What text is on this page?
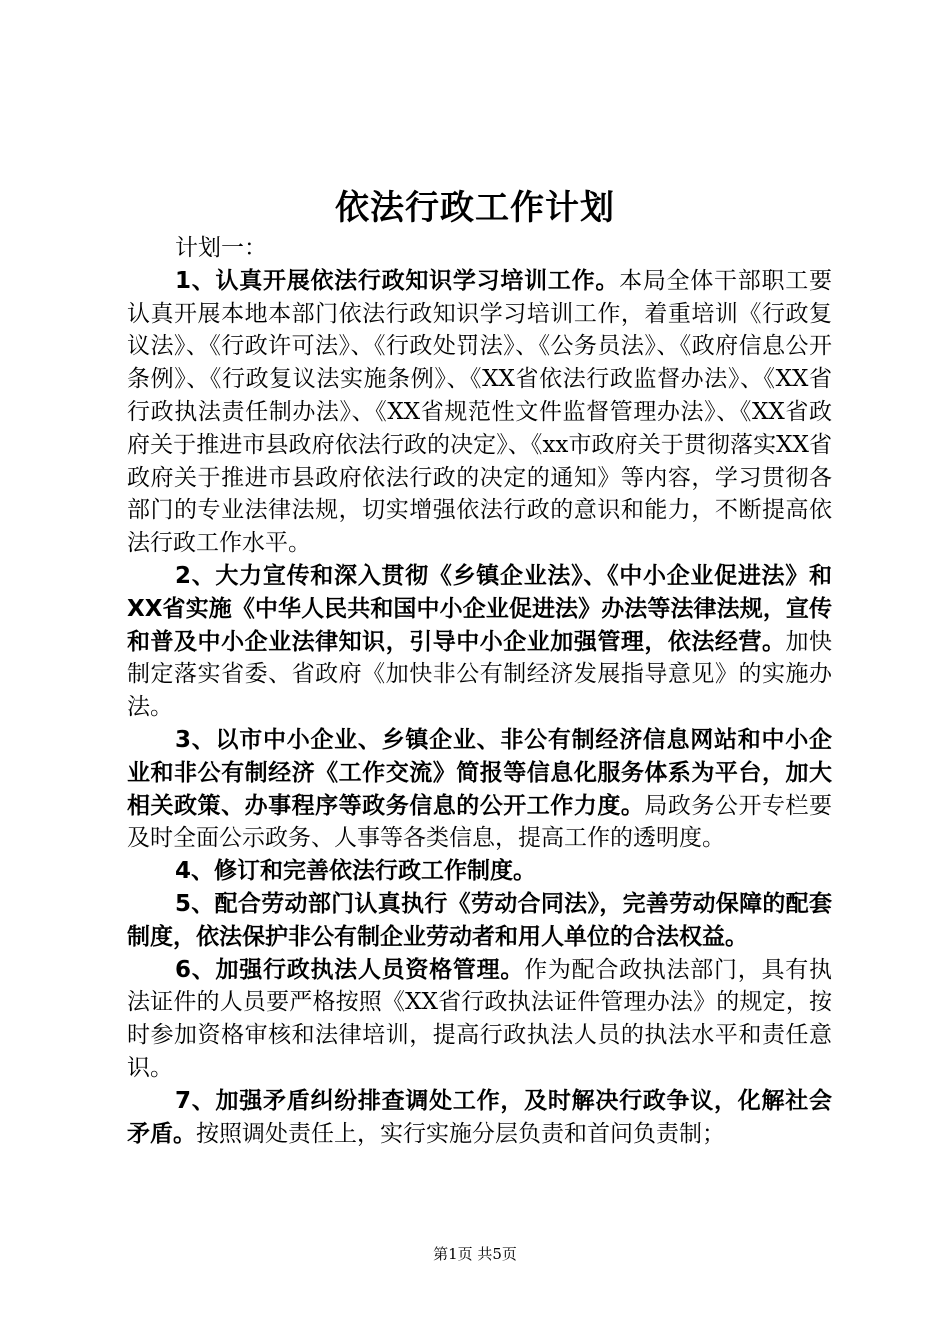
依法行政工作计划

计划一：

1、认真开展依法行政知识学习培训工作。本局全体干部职工要认真开展本地本部门依法行政知识学习培训工作，着重培训《行政复议法》、《行政许可法》、《行政处罚法》、《公务员法》、《政府信息公开条例》、《行政复议法实施条例》、《XX省依法行政监督办法》、《XX省行政执法责任制办法》、《XX省规范性文件监督管理办法》、《XX省政府关于推进市县政府依法行政的决定》、《xx市政府关于贯彻落实XX省政府关于推进市县政府依法行政的决定的通知》等内容，学习贯彻各部门的专业法律法规，切实增强依法行政的意识和能力，不断提高依法行政工作水平。

2、大力宣传和深入贯彻《乡镇企业法》、《中小企业促进法》和XX省实施《中华人民共和国中小企业促进法》办法等法律法规，宣传和普及中小企业法律知识，引导中小企业加强管理，依法经营。加快制定落实省委、省政府《加快非公有制经济发展指导意见》的实施办法。

3、以市中小企业、乡镇企业、非公有制经济信息网站和中小企业和非公有制经济《工作交流》简报等信息化服务体系为平台，加大相关政策、办事程序等政务信息的公开工作力度。局政务公开专栏要及时全面公示政务、人事等各类信息，提高工作的透明度。

4、修订和完善依法行政工作制度。

5、配合劳动部门认真执行《劳动合同法》，完善劳动保障的配套制度，依法保护非公有制企业劳动者和用人单位的合法权益。

6、加强行政执法人员资格管理。作为配合政执法部门，具有执法证件的人员要严格按照《XX省行政执法证件管理办法》的规定，按时参加资格审核和法律培训，提高行政执法人员的执法水平和责任意识。

7、加强矛盾纠纷排查调处工作，及时解决行政争议，化解社会矛盾。按照调处责任上，实行实施分层负责和首问负责制；

第1页 共5页
